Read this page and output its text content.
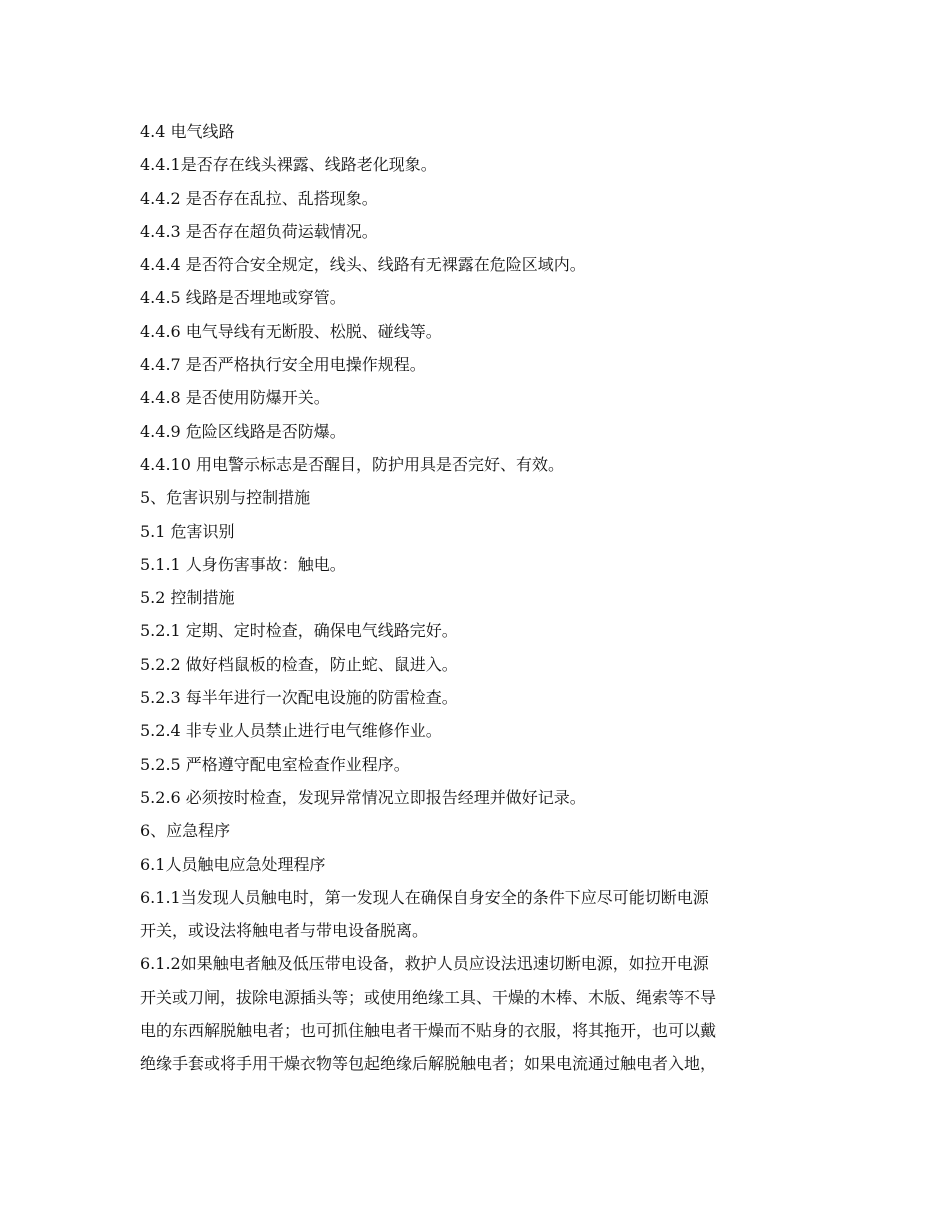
4.4 电气线路

4.4.1是否存在线头裸露、线路老化现象。

4.4.2 是否存在乱拉、乱搭现象。

4.4.3 是否存在超负荷运载情况。

4.4.4 是否符合安全规定，线头、线路有无裸露在危险区域内。

4.4.5 线路是否埋地或穿管。

4.4.6 电气导线有无断股、松脱、碰线等。

4.4.7 是否严格执行安全用电操作规程。

4.4.8 是否使用防爆开关。

4.4.9 危险区线路是否防爆。

4.4.10 用电警示标志是否醒目，防护用具是否完好、有效。

5、危害识别与控制措施

5.1 危害识别

5.1.1 人身伤害事故：触电。

5.2 控制措施

5.2.1 定期、定时检查，确保电气线路完好。

5.2.2 做好档鼠板的检查，防止蛇、鼠进入。

5.2.3 每半年进行一次配电设施的防雷检查。

5.2.4 非专业人员禁止进行电气维修作业。

5.2.5 严格遵守配电室检查作业程序。

5.2.6 必须按时检查，发现异常情况立即报告经理并做好记录。

6、应急程序

6.1人员触电应急处理程序

6.1.1当发现人员触电时，第一发现人在确保自身安全的条件下应尽可能切断电源

开关，或设法将触电者与带电设备脱离。

6.1.2如果触电者触及低压带电设备，救护人员应设法迅速切断电源，如拉开电源

开关或刀闸，拔除电源插头等；或使用绝缘工具、干燥的木棒、木版、绳索等不导

电的东西解脱触电者；也可抓住触电者干燥而不贴身的衣服，将其拖开，也可以戴

绝缘手套或将手用干燥衣物等包起绝缘后解脱触电者；如果电流通过触电者入地，
